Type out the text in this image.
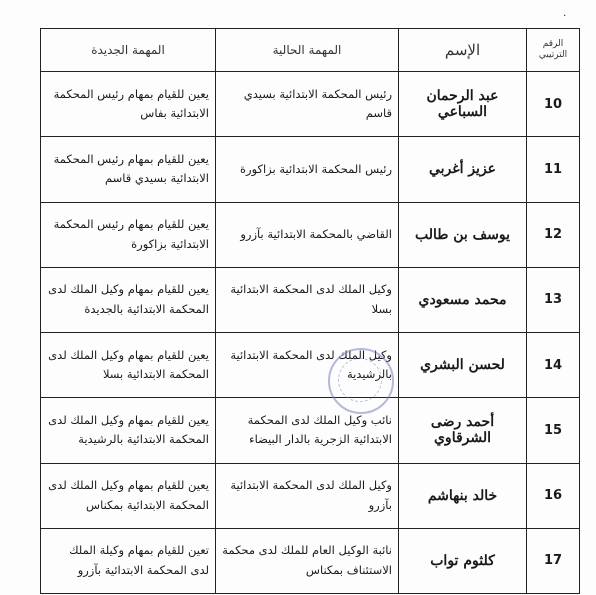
٠
الرقم الترتيبي	الإسم	المهمة الحالية	المهمة الجديدة
10	عبد الرحمان السباعي	رئيس المحكمة الابتدائية بسيدي قاسم	يعين للقيام بمهام رئيس المحكمة الابتدائية بفاس
11	عزيز أغربي	رئيس المحكمة الابتدائية بزاكورة	يعين للقيام بمهام رئيس المحكمة الابتدائية بسيدي قاسم
12	يوسف بن طالب	القاضي بالمحكمة الابتدائية بآزرو	يعين للقيام بمهام رئيس المحكمة الابتدائية بزاكورة
13	محمد مسعودي	وكيل الملك لدى المحكمة الابتدائية بسلا	يعين للقيام بمهام وكيل الملك لدى المحكمة الابتدائية بالجديدة
14	لحسن البشري	وكيل الملك لدى المحكمة الابتدائية بالرشيدية	يعين للقيام بمهام وكيل الملك لدى المحكمة الابتدائية بسلا
15	أحمد رضى الشرقاوي	نائب وكيل الملك لدى المحكمة الابتدائية الزجرية بالدار البيضاء	يعين للقيام بمهام وكيل الملك لدى المحكمة الابتدائية بالرشيدية
16	خالد بنهاشم	وكيل الملك لدى المحكمة الابتدائية بآزرو	يعين للقيام بمهام وكيل الملك لدى المحكمة الابتدائية بمكناس
17	كلثوم تواب	نائبة الوكيل العام للملك لدى محكمة الاستئناف بمكناس	تعين للقيام بمهام وكيلة الملك لدى المحكمة الابتدائية بآزرو
